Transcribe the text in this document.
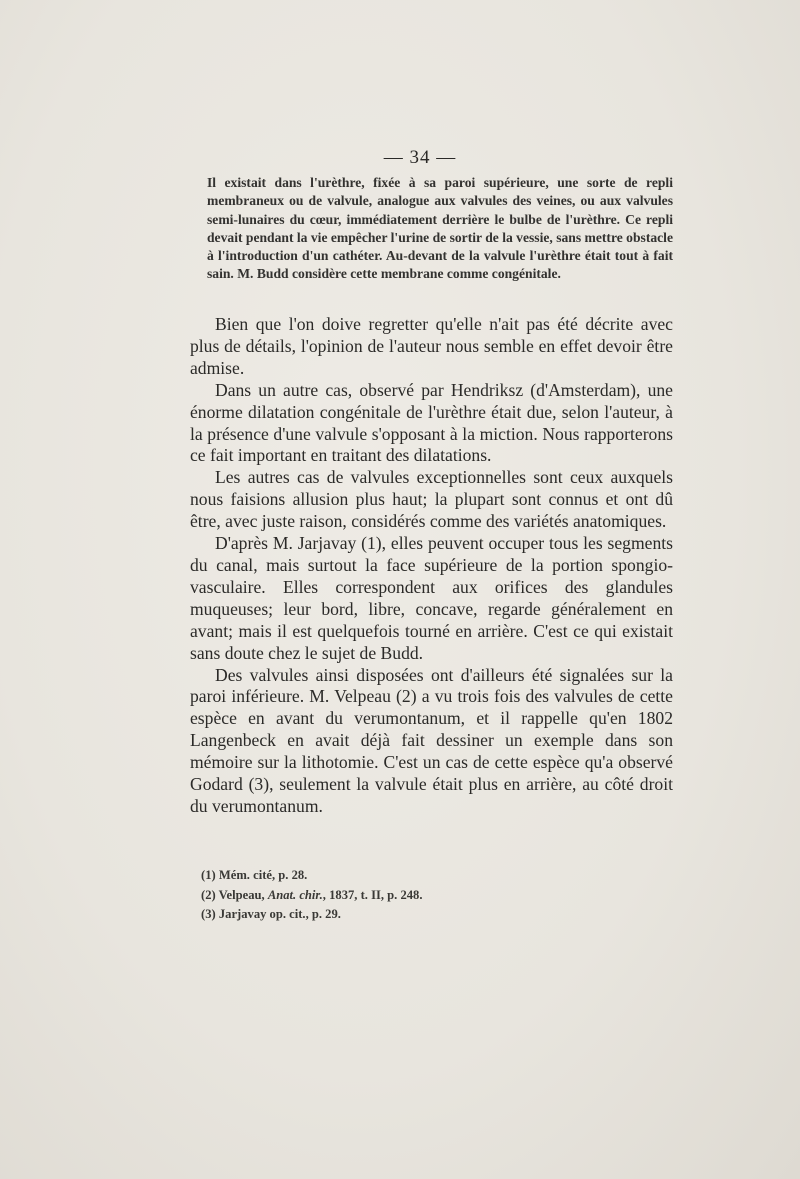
— 34 —

Il existait dans l'urèthre, fixée à sa paroi supérieure, une sorte de repli membraneux ou de valvule, analogue aux valvules des veines, ou aux valvules semi-lunaires du cœur, immédiatement derrière le bulbe de l'urèthre. Ce repli devait pendant la vie empêcher l'urine de sortir de la vessie, sans mettre obstacle à l'introduction d'un cathéter. Au-devant de la valvule l'urèthre était tout à fait sain. M. Budd considère cette membrane comme congénitale.

Bien que l'on doive regretter qu'elle n'ait pas été décrite avec plus de détails, l'opinion de l'auteur nous semble en effet devoir être admise.

Dans un autre cas, observé par Hendriksz (d'Amsterdam), une énorme dilatation congénitale de l'urèthre était due, selon l'auteur, à la présence d'une valvule s'opposant à la miction. Nous rapporterons ce fait important en traitant des dilatations.

Les autres cas de valvules exceptionnelles sont ceux auxquels nous faisions allusion plus haut; la plupart sont connus et ont dû être, avec juste raison, considérés comme des variétés anatomiques.

D'après M. Jarjavay (1), elles peuvent occuper tous les segments du canal, mais surtout la face supérieure de la portion spongio-vasculaire. Elles correspondent aux orifices des glandules muqueuses; leur bord, libre, concave, regarde généralement en avant; mais il est quelquefois tourné en arrière. C'est ce qui existait sans doute chez le sujet de Budd.

Des valvules ainsi disposées ont d'ailleurs été signalées sur la paroi inférieure. M. Velpeau (2) a vu trois fois des valvules de cette espèce en avant du verumontanum, et il rappelle qu'en 1802 Langenbeck en avait déjà fait dessiner un exemple dans son mémoire sur la lithotomie. C'est un cas de cette espèce qu'a observé Godard (3), seulement la valvule était plus en arrière, au côté droit du verumontanum.

(1) Mém. cité, p. 28.
(2) Velpeau, Anat. chir., 1837, t. II, p. 248.
(3) Jarjavay op. cit., p. 29.
